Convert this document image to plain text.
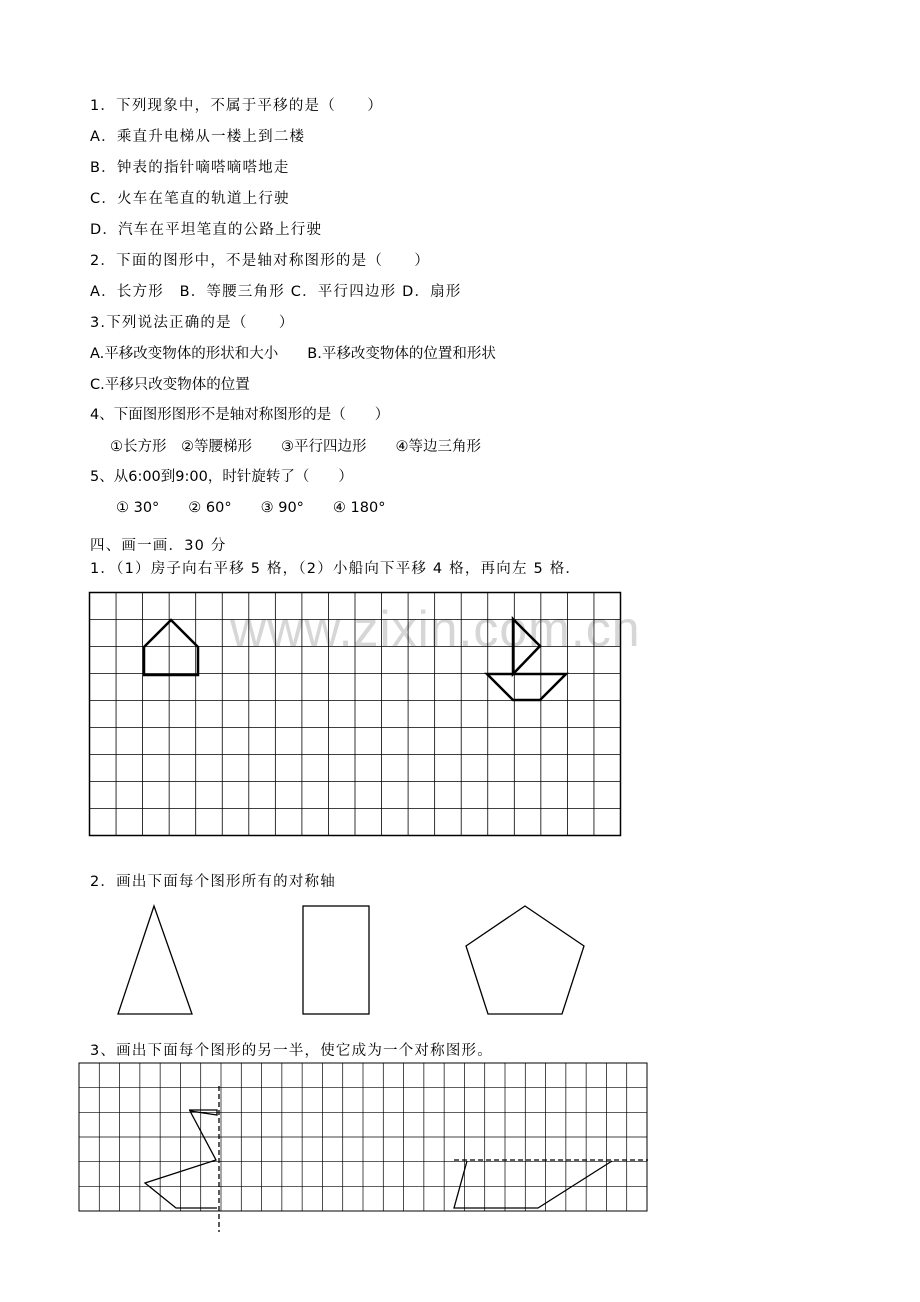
www.zixin.com.cn
1．下列现象中，不属于平移的是（　　）
A．乘直升电梯从一楼上到二楼
B．钟表的指针嘀嗒嘀嗒地走
C．火车在笔直的轨道上行驶
D．汽车在平坦笔直的公路上行驶
2．下面的图形中，不是轴对称图形的是（　　）
A．长方形　B．等腰三角形 C．平行四边形 D．扇形
3.下列说法正确的是（　　）
A.平移改变物体的形状和大小　　B.平移改变物体的位置和形状
C.平移只改变物体的位置
4、下面图形图形不是轴对称图形的是（　　）
①长方形　②等腰梯形　　③平行四边形　　④等边三角形
5、从6:00到9:00，时针旋转了（　　）
① 30°　　② 60°　　③ 90°　　④ 180°
四、画一画．30 分
1．（1）房子向右平移 5 格，（2）小船向下平移 4 格，再向左 5 格．
2．画出下面每个图形所有的对称轴
3、画出下面每个图形的另一半，使它成为一个对称图形。
